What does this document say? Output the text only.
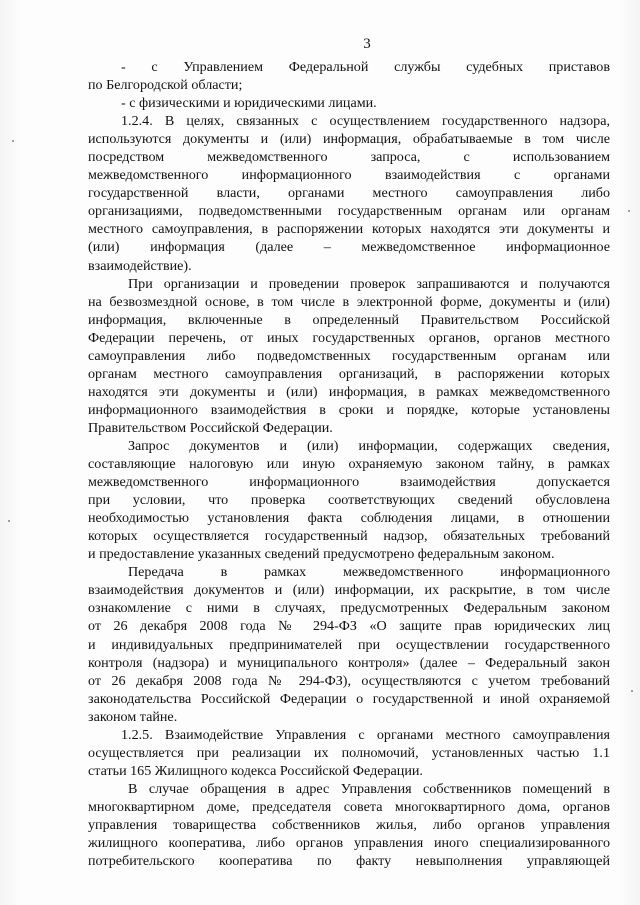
3
- с Управлением Федеральной службы судебных приставов
по Белгородской области;
- с физическими и юридическими лицами.
1.2.4. В целях, связанных с осуществлением государственного надзора,
используются документы и (или) информация, обрабатываемые в том числе
посредством межведомственного запроса, с использованием
межведомственного информационного взаимодействия с органами
государственной власти, органами местного самоуправления либо
организациями, подведомственными государственным органам или органам
местного самоуправления, в распоряжении которых находятся эти документы и
(или) информация (далее – межведомственное информационное
взаимодействие).
При организации и проведении проверок запрашиваются и получаются
на безвозмездной основе, в том числе в электронной форме, документы и (или)
информация, включенные в определенный Правительством Российской
Федерации перечень, от иных государственных органов, органов местного
самоуправления либо подведомственных государственным органам или
органам местного самоуправления организаций, в распоряжении которых
находятся эти документы и (или) информация, в рамках межведомственного
информационного взаимодействия в сроки и порядке, которые установлены
Правительством Российской Федерации.
Запрос документов и (или) информации, содержащих сведения,
составляющие налоговую или иную охраняемую законом тайну, в рамках
межведомственного информационного взаимодействия допускается
при условии, что проверка соответствующих сведений обусловлена
необходимостью установления факта соблюдения лицами, в отношении
которых осуществляется государственный надзор, обязательных требований
и предоставление указанных сведений предусмотрено федеральным законом.
Передача в рамках межведомственного информационного
взаимодействия документов и (или) информации, их раскрытие, в том числе
ознакомление с ними в случаях, предусмотренных Федеральным законом
от 26 декабря 2008 года № 294-ФЗ «О защите прав юридических лиц
и индивидуальных предпринимателей при осуществлении государственного
контроля (надзора) и муниципального контроля» (далее – Федеральный закон
от 26 декабря 2008 года № 294-ФЗ), осуществляются с учетом требований
законодательства Российской Федерации о государственной и иной охраняемой
законом тайне.
1.2.5. Взаимодействие Управления с органами местного самоуправления
осуществляется при реализации их полномочий, установленных частью 1.1
статьи 165 Жилищного кодекса Российской Федерации.
В случае обращения в адрес Управления собственников помещений в
многоквартирном доме, председателя совета многоквартирного дома, органов
управления товарищества собственников жилья, либо органов управления
жилищного кооператива, либо органов управления иного специализированного
потребительского кооператива по факту невыполнения управляющей
